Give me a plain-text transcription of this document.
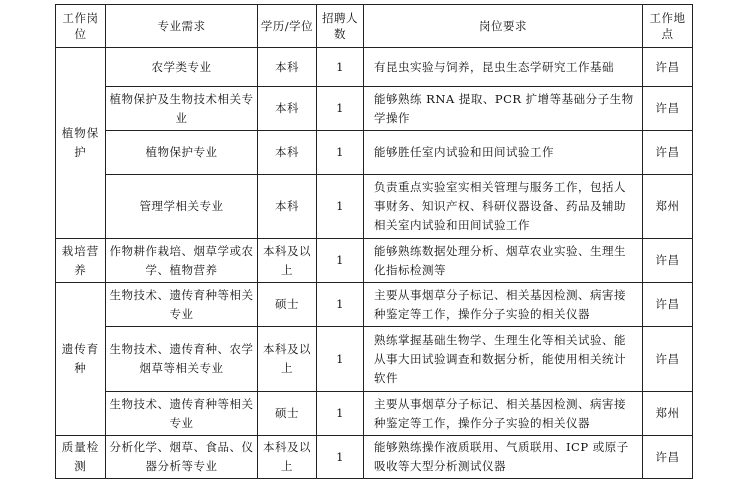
工作岗位	专业需求	学历/学位	招聘人数	岗位要求	工作地点
植物保护	农学类专业	本科	1	有昆虫实验与饲养，昆虫生态学研究工作基础	许昌
	植物保护及生物技术相关专业	本科	1	能够熟练 RNA 提取、PCR 扩增等基础分子生物学操作	许昌
	植物保护专业	本科	1	能够胜任室内试验和田间试验工作	许昌
	管理学相关专业	本科	1	负责重点实验室实相关管理与服务工作，包括人事财务、知识产权、科研仪器设备、药品及辅助相关室内试验和田间试验工作	郑州
栽培营养	作物耕作栽培、烟草学或农学、植物营养	本科及以上	1	能够熟练数据处理分析、烟草农业实验、生理生化指标检测等	许昌
遗传育种	生物技术、遗传育种等相关专业	硕士	1	主要从事烟草分子标记、相关基因检测、病害接种鉴定等工作，操作分子实验的相关仪器	许昌
	生物技术、遗传育种、农学烟草等相关专业	本科及以上	1	熟练掌握基础生物学、生理生化等相关试验、能从事大田试验调查和数据分析，能使用相关统计软件	许昌
	生物技术、遗传育种等相关专业	硕士	1	主要从事烟草分子标记、相关基因检测、病害接种鉴定等工作，操作分子实验的相关仪器	郑州
质量检测	分析化学、烟草、食品、仪器分析等专业	本科及以上	1	能够熟练操作液质联用、气质联用、ICP 或原子吸收等大型分析测试仪器	许昌
